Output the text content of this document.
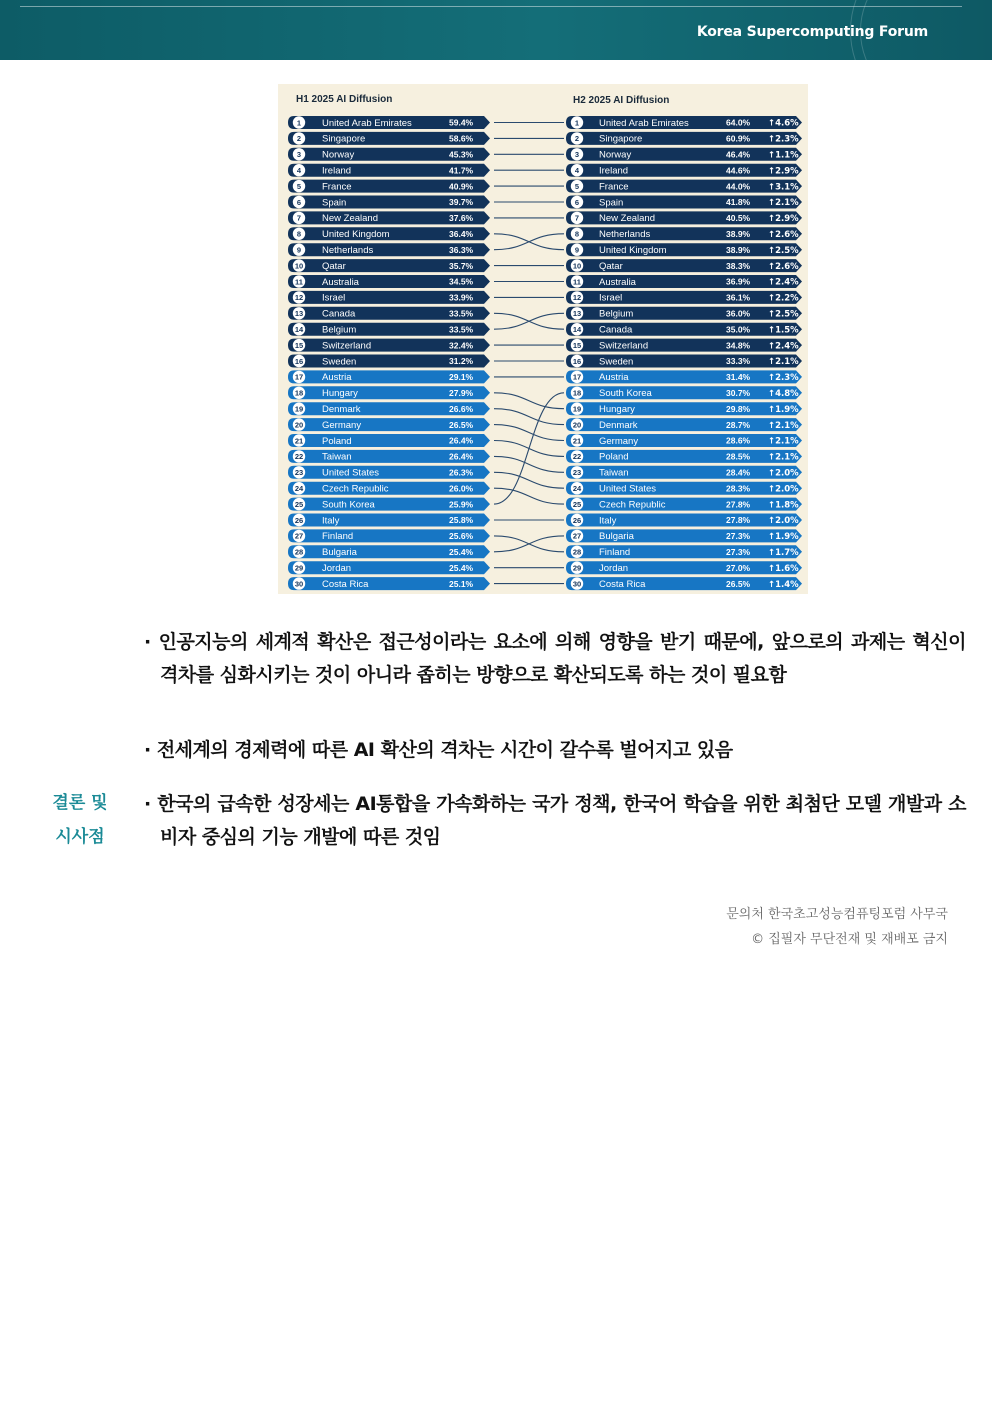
Korea Supercomputing Forum
H1 2025 AI Diffusion	H2 2025 AI Diffusion
1 United Arab Emirates	59.4%
2 Singapore	58.6%
3 Norway	45.3%
4 Ireland	41.7%
5 France	40.9%
6 Spain	39.7%
7 New Zealand	37.6%
8 United Kingdom	36.4%
9 Netherlands	36.3%
10 Qatar	35.7%
11 Australia	34.5%
12 Israel	33.9%
13 Canada	33.5%
14 Belgium	33.5%
15 Switzerland	32.4%
16 Sweden	31.2%
17 Austria	29.1%
18 Hungary	27.9%
19 Denmark	26.6%
20 Germany	26.5%
21 Poland	26.4%
22 Taiwan	26.4%
23 United States	26.3%
24 Czech Republic	26.0%
25 South Korea	25.9%
26 Italy	25.8%
27 Finland	25.6%
28 Bulgaria	25.4%
29 Jordan	25.4%
30 Costa Rica	25.1%
1 United Arab Emirates	64.0% ↑4.6%
2 Singapore	60.9% ↑2.3%
3 Norway	46.4% ↑1.1%
4 Ireland	44.6% ↑2.9%
5 France	44.0% ↑3.1%
6 Spain	41.8% ↑2.1%
7 New Zealand	40.5% ↑2.9%
8 Netherlands	38.9% ↑2.6%
9 United Kingdom	38.9% ↑2.5%
10 Qatar	38.3% ↑2.6%
11 Australia	36.9% ↑2.4%
12 Israel	36.1% ↑2.2%
13 Belgium	36.0% ↑2.5%
14 Canada	35.0% ↑1.5%
15 Switzerland	34.8% ↑2.4%
16 Sweden	33.3% ↑2.1%
17 Austria	31.4% ↑2.3%
18 South Korea	30.7% ↑4.8%
19 Hungary	29.8% ↑1.9%
20 Denmark	28.7% ↑2.1%
21 Germany	28.6% ↑2.1%
22 Poland	28.5% ↑2.1%
23 Taiwan	28.4% ↑2.0%
24 United States	28.3% ↑2.0%
25 Czech Republic	27.8% ↑1.8%
26 Italy	27.8% ↑2.0%
27 Bulgaria	27.3% ↑1.9%
28 Finland	27.3% ↑1.7%
29 Jordan	27.0% ↑1.6%
30 Costa Rica	26.5% ↑1.4%
결론 및
시사점
· 인공지능의 세계적 확산은 접근성이라는 요소에 의해 영향을 받기 때문에, 앞으로의 과제는 혁신이 격차를 심화시키는 것이 아니라 좁히는 방향으로 확산되도록 하는 것이 필요함
· 전세계의 경제력에 따른 AI 확산의 격차는 시간이 갈수록 벌어지고 있음
· 한국의 급속한 성장세는 AI통합을 가속화하는 국가 정책, 한국어 학습을 위한 최첨단 모델 개발과 소비자 중심의 기능 개발에 따른 것임
문의처 한국초고성능컴퓨팅포럼 사무국
© 집필자 무단전재 및 재배포 금지
